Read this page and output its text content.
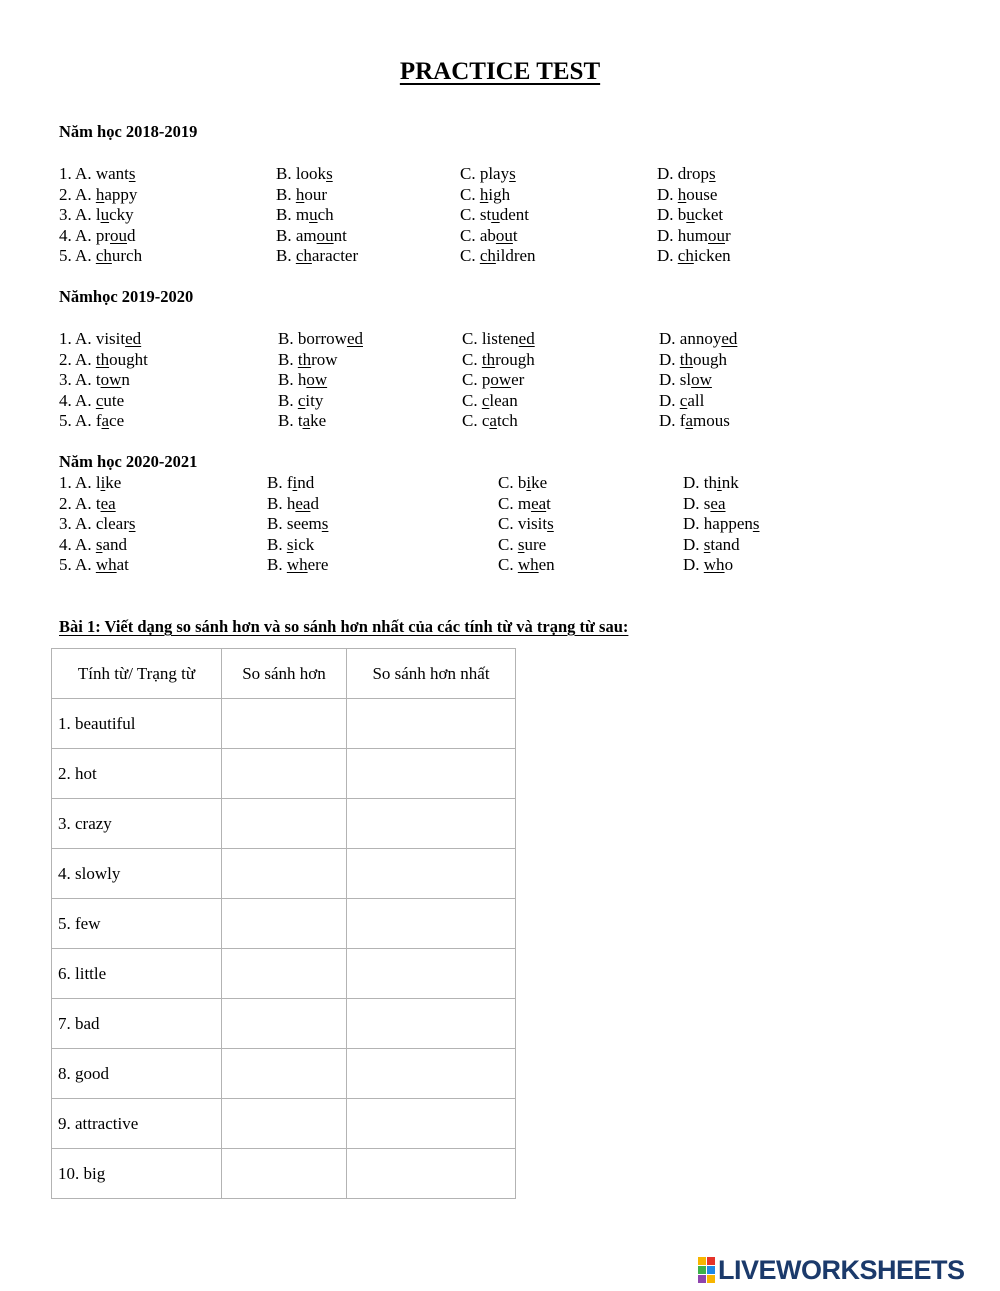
PRACTICE TEST
Năm học 2018-2019
1. A. wants	B. looks	C. plays	D. drops
2. A. happy	B. hour	C. high	D. house
3. A. lucky	B. much	C. student	D. bucket
4. A. proud	B. amount	C. about	D. humour
5. A. church	B. character	C. children	D. chicken
Nămhọc 2019-2020
1. A. visited	B. borrowed	C. listened	D. annoyed
2. A. thought	B. throw	C. through	D. though
3. A. town	B. how	C. power	D. slow
4. A. cute	B. city	C. clean	D. call
5. A. face	B. take	C. catch	D. famous
Năm học 2020-2021
1. A. like	B. find	C. bike	D. think
2. A. tea	B. head	C. meat	D. sea
3. A. clears	B. seems	C. visits	D. happens
4. A. sand	B. sick	C. sure	D. stand
5. A. what	B. where	C. when	D. who
Bài 1: Viết dạng so sánh hơn và so sánh hơn nhất của các tính từ và trạng từ sau:
Tính từ/ Trạng từ	So sánh hơn	So sánh hơn nhất
1. beautiful		
2. hot		
3. crazy		
4. slowly		
5. few		
6. little		
7. bad		
8. good		
9. attractive		
10. big		
LIVEWORKSHEETS
